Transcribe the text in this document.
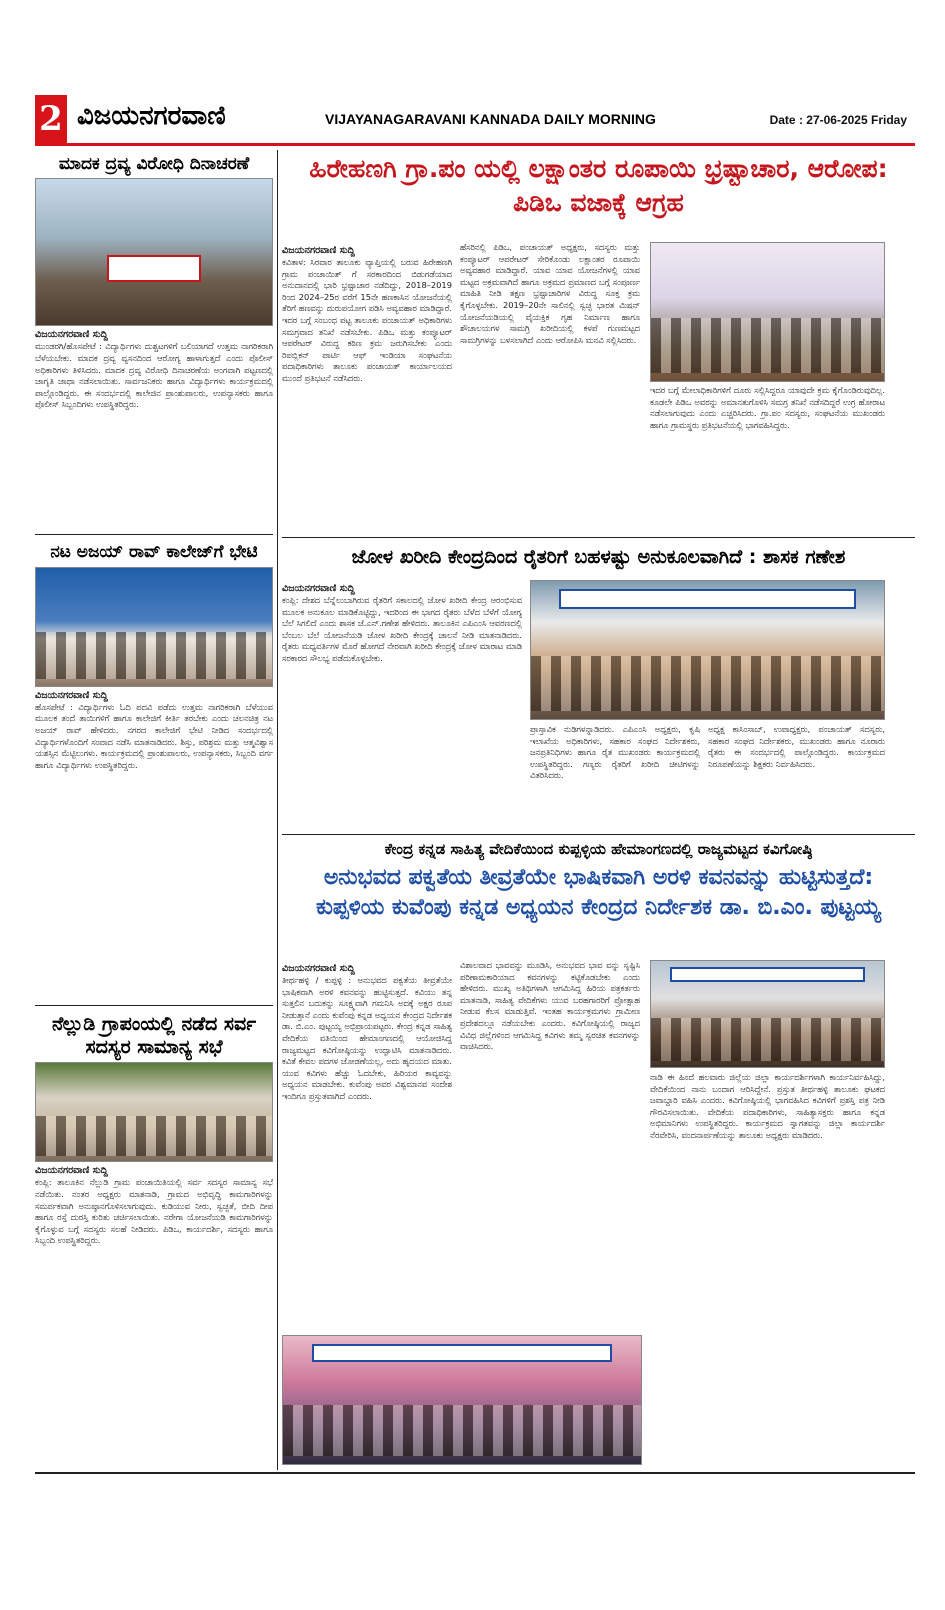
2 ವಿಜಯನಗರವಾಣಿ	VIJAYANAGARAVANI KANNADA DAILY MORNING	Date : 27-06-2025 Friday
ಮಾದಕ ದ್ರವ್ಯ ವಿರೋಧಿ ದಿನಾಚರಣೆ
ವಿಜಯನಗರವಾಣಿ ಸುದ್ದಿ

ಮುಂಡರಗಿ/ಹೊಸಪೇಟೆ : ವಿದ್ಯಾರ್ಥಿಗಳು ದುಶ್ಚಟಗಳಿಗೆ ಬಲಿಯಾಗದೆ ಉತ್ತಮ ನಾಗರಿಕರಾಗಿ ಬೆಳೆಯಬೇಕು. ಮಾದಕ ದ್ರವ್ಯ ವ್ಯಸನದಿಂದ ಆರೋಗ್ಯ ಹಾಳಾಗುತ್ತದೆ ಎಂದು ಪೊಲೀಸ್ ಅಧಿಕಾರಿಗಳು ತಿಳಿಸಿದರು. ಮಾದಕ ದ್ರವ್ಯ ವಿರೋಧಿ ದಿನಾಚರಣೆಯ ಅಂಗವಾಗಿ ಪಟ್ಟಣದಲ್ಲಿ ಜಾಗೃತಿ ಜಾಥಾ ನಡೆಸಲಾಯಿತು. ಸಾರ್ವಜನಿಕರು ಹಾಗೂ ವಿದ್ಯಾರ್ಥಿಗಳು ಕಾರ್ಯಕ್ರಮದಲ್ಲಿ ಪಾಲ್ಗೊಂಡಿದ್ದರು. ಈ ಸಂದರ್ಭದಲ್ಲಿ ಕಾಲೇಜಿನ ಪ್ರಾಂಶುಪಾಲರು, ಉಪನ್ಯಾಸಕರು ಹಾಗೂ ಪೊಲೀಸ್ ಸಿಬ್ಬಂದಿಗಳು ಉಪಸ್ಥಿತರಿದ್ದರು.

ನಟ ಅಜಯ್ ರಾವ್ ಕಾಲೇಜ್‌ಗೆ ಭೇಟಿ
ವಿಜಯನಗರವಾಣಿ ಸುದ್ದಿ

ಹೊಸಪೇಟೆ : ವಿದ್ಯಾರ್ಥಿಗಳು ಓದಿ ಪದವಿ ಪಡೆದು ಉತ್ತಮ ನಾಗರಿಕರಾಗಿ ಬೆಳೆಯುವ ಮೂಲಕ ತಂದೆ ತಾಯಿಗಳಿಗೆ ಹಾಗೂ ಕಾಲೇಜಿಗೆ ಕೀರ್ತಿ ತರಬೇಕು ಎಂದು ಚಲನಚಿತ್ರ ನಟ ಅಜಯ್ ರಾವ್ ಹೇಳಿದರು. ನಗರದ ಕಾಲೇಜಿಗೆ ಭೇಟಿ ನೀಡಿದ ಸಂದರ್ಭದಲ್ಲಿ ವಿದ್ಯಾರ್ಥಿಗಳೊಂದಿಗೆ ಸಂವಾದ ನಡೆಸಿ ಮಾತನಾಡಿದರು. ಶಿಸ್ತು, ಪರಿಶ್ರಮ ಮತ್ತು ಆತ್ಮವಿಶ್ವಾಸ ಯಶಸ್ಸಿನ ಮೆಟ್ಟಿಲುಗಳು. ಕಾರ್ಯಕ್ರಮದಲ್ಲಿ ಪ್ರಾಂಶುಪಾಲರು, ಉಪನ್ಯಾಸಕರು, ಸಿಬ್ಬಂದಿ ವರ್ಗ ಹಾಗೂ ವಿದ್ಯಾರ್ಥಿಗಳು ಉಪಸ್ಥಿತರಿದ್ದರು.

ನೆಲ್ಲುಡಿ ಗ್ರಾಪಂಯಲ್ಲಿ ನಡೆದ ಸರ್ವ ಸದಸ್ಯರ ಸಾಮಾನ್ಯ ಸಭೆ
ವಿಜಯನಗರವಾಣಿ ಸುದ್ದಿ

ಕಂಪ್ಲಿ: ತಾಲೂಕಿನ ನೆಲ್ಲುಡಿ ಗ್ರಾಮ ಪಂಚಾಯಿತಿಯಲ್ಲಿ ಸರ್ವ ಸದಸ್ಯರ ಸಾಮಾನ್ಯ ಸಭೆ ನಡೆಯಿತು. ನಂತರ ಅಧ್ಯಕ್ಷರು ಮಾತನಾಡಿ, ಗ್ರಾಮದ ಅಭಿವೃದ್ಧಿ ಕಾಮಗಾರಿಗಳನ್ನು ಸಮರ್ಪಕವಾಗಿ ಅನುಷ್ಠಾನಗೊಳಿಸಲಾಗುವುದು. ಕುಡಿಯುವ ನೀರು, ಸ್ವಚ್ಛತೆ, ಬೀದಿ ದೀಪ ಹಾಗೂ ರಸ್ತೆ ದುರಸ್ತಿ ಕುರಿತು ಚರ್ಚಿಸಲಾಯಿತು. ನರೇಗಾ ಯೋಜನೆಯಡಿ ಕಾಮಗಾರಿಗಳನ್ನು ಕೈಗೊಳ್ಳುವ ಬಗ್ಗೆ ಸದಸ್ಯರು ಸಲಹೆ ನೀಡಿದರು. ಪಿಡಿಒ, ಕಾರ್ಯದರ್ಶಿ, ಸದಸ್ಯರು ಹಾಗೂ ಸಿಬ್ಬಂದಿ ಉಪಸ್ಥಿತರಿದ್ದರು.

ಹಿರೇಹಣಗಿ ಗ್ರಾ.ಪಂ ಯಲ್ಲಿ ಲಕ್ಷಾಂತರ ರೂಪಾಯಿ ಭ್ರಷ್ಟಾಚಾರ, ಆರೋಪ: ಪಿಡಿಒ ವಜಾಕ್ಕೆ ಆಗ್ರಹ
ವಿಜಯನಗರವಾಣಿ ಸುದ್ದಿ
ಕವಿತಾಳ: ಸಿರವಾರ ತಾಲೂಕು ವ್ಯಾಪ್ತಿಯಲ್ಲಿ ಬರುವ ಹಿರೇಹಣಗಿ ಗ್ರಾಮ ಪಂಚಾಯಿತ್ ಗೆ ಸರಕಾರದಿಂದ ಬಿಡುಗಡೆಯಾದ ಅನುದಾನದಲ್ಲಿ ಭಾರಿ ಭ್ರಷ್ಟಾಚಾರ ನಡೆದಿದ್ದು, 2018–2019 ರಿಂದ 2024–25ರ ವರೆಗೆ 15ನೇ ಹಣಕಾಸಿನ ಯೋಜನೆಯಲ್ಲಿ ತೆರಿಗೆ ಹಣವನ್ನು ದುರುಪಯೋಗ ಪಡಿಸಿ ಅವ್ಯವಹಾರ ಮಾಡಿದ್ದಾರೆ. ಇದರ ಬಗ್ಗೆ ಸಂಬಂಧ ಪಟ್ಟ ತಾಲೂಕು ಪಂಚಾಯತ್ ಅಧಿಕಾರಿಗಳು ಸಮಗ್ರವಾದ ತನಿಖೆ ನಡೆಸಬೇಕು. ಪಿಡಿಒ ಮತ್ತು ಕಂಪ್ಯೂಟರ್ ಆಪರೇಟರ್ ವಿರುದ್ಧ ಕಠಿಣ ಕ್ರಮ ಜರುಗಿಸಬೇಕು ಎಂದು ರಿಪಬ್ಲಿಕನ್ ಪಾರ್ಟಿ ಆಫ್ ಇಂಡಿಯಾ ಸಂಘಟನೆಯ ಪದಾಧಿಕಾರಿಗಳು ತಾಲೂಕು ಪಂಚಾಯತ್ ಕಾರ್ಯಾಲಯದ ಮುಂದೆ ಪ್ರತಿಭಟನೆ ನಡೆಸಿದರು.
ಹೆಸರಿನಲ್ಲಿ ಪಿಡಿಒ, ಪಂಚಾಯತ್ ಅಧ್ಯಕ್ಷರು, ಸದಸ್ಯರು ಮತ್ತು ಕಂಪ್ಯೂಟರ್ ಆಪರೇಟರ್ ಸೇರಿಕೊಂಡು ಲಕ್ಷಾಂತರ ರೂಪಾಯಿ ಅವ್ಯವಹಾರ ಮಾಡಿದ್ದಾರೆ. ಯಾವ ಯಾವ ಯೋಜನೆಗಳಲ್ಲಿ ಯಾವ ಮಟ್ಟದ ಅಕ್ರಮವಾಗಿದೆ ಹಾಗೂ ಅಕ್ರಮದ ಪ್ರಮಾಣದ ಬಗ್ಗೆ ಸಂಪೂರ್ಣ ಮಾಹಿತಿ ನೀಡಿ ತಕ್ಷಣ ಭ್ರಷ್ಟಾಚಾರಿಗಳ ವಿರುದ್ಧ ಸೂಕ್ತ ಕ್ರಮ ಕೈಗೊಳ್ಳಬೇಕು. 2019–20ನೇ ಸಾಲಿನಲ್ಲಿ ಸ್ವಚ್ಛ ಭಾರತ ಮಿಷನ್ ಯೋಜನೆಯಡಿಯಲ್ಲಿ ವೈಯಕ್ತಿಕ ಗೃಹ ನಿರ್ಮಾಣ ಹಾಗೂ ಶೌಚಾಲಯಗಳ ಸಾಮಗ್ರಿ ಖರೀದಿಯಲ್ಲಿ ಕಳಪೆ ಗುಣಮಟ್ಟದ ಸಾಮಗ್ರಿಗಳನ್ನು ಬಳಸಲಾಗಿದೆ ಎಂದು ಆರೋಪಿಸಿ ಮನವಿ ಸಲ್ಲಿಸಿದರು.
ಇದರ ಬಗ್ಗೆ ಮೇಲಾಧಿಕಾರಿಗಳಿಗೆ ದೂರು ಸಲ್ಲಿಸಿದ್ದರೂ ಯಾವುದೇ ಕ್ರಮ ಕೈಗೊಂಡಿರುವುದಿಲ್ಲ. ಕೂಡಲೇ ಪಿಡಿಒ ಅವರನ್ನು ಅಮಾನತುಗೊಳಿಸಿ ಸಮಗ್ರ ತನಿಖೆ ನಡೆಸದಿದ್ದರೆ ಉಗ್ರ ಹೋರಾಟ ನಡೆಸಲಾಗುವುದು ಎಂದು ಎಚ್ಚರಿಸಿದರು. ಗ್ರಾ.ಪಂ ಸದಸ್ಯರು, ಸಂಘಟನೆಯ ಮುಖಂಡರು ಹಾಗೂ ಗ್ರಾಮಸ್ಥರು ಪ್ರತಿಭಟನೆಯಲ್ಲಿ ಭಾಗವಹಿಸಿದ್ದರು.
ಜೋಳ ಖರೀದಿ ಕೇಂದ್ರದಿಂದ ರೈತರಿಗೆ ಬಹಳಷ್ಟು ಅನುಕೂಲವಾಗಿದೆ : ಶಾಸಕ ಗಣೇಶ
ವಿಜಯನಗರವಾಣಿ ಸುದ್ದಿ
ಕಂಪ್ಲಿ: ದೇಶದ ಬೆನ್ನೆಲುಬಾಗಿರುವ ರೈತರಿಗೆ ಸಕಾಲದಲ್ಲಿ ಜೋಳ ಖರೀದಿ ಕೇಂದ್ರ ಆರಂಭಿಸುವ ಮೂಲಕ ಅನುಕೂಲ ಮಾಡಿಕೊಟ್ಟಿದ್ದು, ಇದರಿಂದ ಈ ಭಾಗದ ರೈತರು ಬೆಳೆದ ಬೆಳೆಗೆ ಯೋಗ್ಯ ಬೆಲೆ ಸಿಗಲಿದೆ ಎಂದು ಶಾಸಕ ಜೆ.ಎನ್.ಗಣೇಶ ಹೇಳಿದರು. ತಾಲೂಕಿನ ಎಪಿಎಂಸಿ ಆವರಣದಲ್ಲಿ ಬೆಂಬಲ ಬೆಲೆ ಯೋಜನೆಯಡಿ ಜೋಳ ಖರೀದಿ ಕೇಂದ್ರಕ್ಕೆ ಚಾಲನೆ ನೀಡಿ ಮಾತನಾಡಿದರು. ರೈತರು ಮಧ್ಯವರ್ತಿಗಳ ಮೊರೆ ಹೋಗದೆ ನೇರವಾಗಿ ಖರೀದಿ ಕೇಂದ್ರಕ್ಕೆ ಜೋಳ ಮಾರಾಟ ಮಾಡಿ ಸರಕಾರದ ಸೌಲಭ್ಯ ಪಡೆದುಕೊಳ್ಳಬೇಕು.
ಪ್ರಾಸ್ತಾವಿಕ ನುಡಿಗಳನ್ನಾಡಿದರು. ಎಪಿಎಂಸಿ ಅಧ್ಯಕ್ಷರು, ಕೃಷಿ ಇಲಾಖೆಯ ಅಧಿಕಾರಿಗಳು, ಸಹಕಾರ ಸಂಘದ ನಿರ್ದೇಶಕರು, ಜನಪ್ರತಿನಿಧಿಗಳು ಹಾಗೂ ರೈತ ಮುಖಂಡರು ಕಾರ್ಯಕ್ರಮದಲ್ಲಿ ಉಪಸ್ಥಿತರಿದ್ದರು. ಗಣ್ಯರು ರೈತರಿಗೆ ಖರೀದಿ ಚೀಟಿಗಳನ್ನು ವಿತರಿಸಿದರು.
ಅಧ್ಯಕ್ಷ ಕಾಸಿಂಸಾಬ್, ಉಪಾಧ್ಯಕ್ಷರು, ಪಂಚಾಯತ್ ಸದಸ್ಯರು, ಸಹಕಾರ ಸಂಘದ ನಿರ್ದೇಶಕರು, ಮುಖಂಡರು ಹಾಗೂ ನೂರಾರು ರೈತರು ಈ ಸಂದರ್ಭದಲ್ಲಿ ಪಾಲ್ಗೊಂಡಿದ್ದರು. ಕಾರ್ಯಕ್ರಮದ ನಿರೂಪಣೆಯನ್ನು ಶಿಕ್ಷಕರು ನಿರ್ವಹಿಸಿದರು.
ಕೇಂದ್ರ ಕನ್ನಡ ಸಾಹಿತ್ಯ ವೇದಿಕೆಯಿಂದ ಕುಪ್ಪಳ್ಳಿಯ ಹೇಮಾಂಗಣದಲ್ಲಿ ರಾಜ್ಯಮಟ್ಟದ ಕವಿಗೋಷ್ಠಿ
ಅನುಭವದ ಪಕ್ವತೆಯ ತೀವ್ರತೆಯೇ ಭಾಷಿಕವಾಗಿ ಅರಳಿ ಕವನವನ್ನು ಹುಟ್ಟಿಸುತ್ತದೆ: ಕುಪ್ಪಳಿಯ ಕುವೆಂಪು ಕನ್ನಡ ಅಧ್ಯಯನ ಕೇಂದ್ರದ ನಿರ್ದೇಶಕ ಡಾ. ಬಿ.ಎಂ. ಪುಟ್ಟಯ್ಯ
ವಿಜಯನಗರವಾಣಿ ಸುದ್ದಿ
ತೀರ್ಥಹಳ್ಳಿ / ಕುಪ್ಪಳ್ಳಿ : ಅನುಭವದ ಪಕ್ವತೆಯ ತೀವ್ರತೆಯೇ ಭಾಷಿಕವಾಗಿ ಅರಳಿ ಕವನವನ್ನು ಹುಟ್ಟಿಸುತ್ತದೆ. ಕವಿಯು ತನ್ನ ಸುತ್ತಲಿನ ಬದುಕನ್ನು ಸೂಕ್ಷ್ಮವಾಗಿ ಗಮನಿಸಿ ಅದಕ್ಕೆ ಅಕ್ಷರ ರೂಪ ನೀಡುತ್ತಾನೆ ಎಂದು ಕುವೆಂಪು ಕನ್ನಡ ಅಧ್ಯಯನ ಕೇಂದ್ರದ ನಿರ್ದೇಶಕ ಡಾ. ಬಿ.ಎಂ. ಪುಟ್ಟಯ್ಯ ಅಭಿಪ್ರಾಯಪಟ್ಟರು. ಕೇಂದ್ರ ಕನ್ನಡ ಸಾಹಿತ್ಯ ವೇದಿಕೆಯ ವತಿಯಿಂದ ಹೇಮಾಂಗಣದಲ್ಲಿ ಆಯೋಜಿಸಿದ್ದ ರಾಜ್ಯಮಟ್ಟದ ಕವಿಗೋಷ್ಠಿಯನ್ನು ಉದ್ಘಾಟಿಸಿ ಮಾತನಾಡಿದರು. ಕವಿತೆ ಕೇವಲ ಪದಗಳ ಜೋಡಣೆಯಲ್ಲ, ಅದು ಹೃದಯದ ಮಾತು. ಯುವ ಕವಿಗಳು ಹೆಚ್ಚು ಓದಬೇಕು, ಹಿರಿಯರ ಕಾವ್ಯವನ್ನು ಅಧ್ಯಯನ ಮಾಡಬೇಕು. ಕುವೆಂಪು ಅವರ ವಿಶ್ವಮಾನವ ಸಂದೇಶ ಇಂದಿಗೂ ಪ್ರಸ್ತುತವಾಗಿದೆ ಎಂದರು.
ವಿಶಾಲವಾದ ಭಾವವನ್ನು ಮೂಡಿಸಿ, ಅನುಭವದ ಭಾವ ವನ್ನು ಸೃಷ್ಟಿಸಿ ಪರಿಣಾಮಕಾರಿಯಾದ ಕವನಗಳನ್ನು ಕಟ್ಟಿಕೊಡಬೇಕು ಎಂದು ಹೇಳಿದರು. ಮುಖ್ಯ ಅತಿಥಿಗಳಾಗಿ ಆಗಮಿಸಿದ್ದ ಹಿರಿಯ ಪತ್ರಕರ್ತರು ಮಾತನಾಡಿ, ಸಾಹಿತ್ಯ ವೇದಿಕೆಗಳು ಯುವ ಬರಹಗಾರರಿಗೆ ಪ್ರೋತ್ಸಾಹ ನೀಡುವ ಕೆಲಸ ಮಾಡುತ್ತಿವೆ. ಇಂತಹ ಕಾರ್ಯಕ್ರಮಗಳು ಗ್ರಾಮೀಣ ಪ್ರದೇಶದಲ್ಲೂ ನಡೆಯಬೇಕು ಎಂದರು. ಕವಿಗೋಷ್ಠಿಯಲ್ಲಿ ರಾಜ್ಯದ ವಿವಿಧ ಜಿಲ್ಲೆಗಳಿಂದ ಆಗಮಿಸಿದ್ದ ಕವಿಗಳು ತಮ್ಮ ಸ್ವರಚಿತ ಕವನಗಳನ್ನು ವಾಚಿಸಿದರು.
ನಾಡಿ ಈ ಹಿಂದೆ ಹಲವಾರು ಜಿಲ್ಲೆಯ ಜಿಲ್ಲಾ ಕಾರ್ಯದರ್ಶಿಗಳಾಗಿ ಕಾರ್ಯನಿರ್ವಹಿಸಿದ್ದು, ವೇದಿಕೆಯಿಂದ ನಾನು ಬಂದಾಗ ಆರಿಸಿದ್ದೇನೆ. ಪ್ರಸ್ತುತ ತೀರ್ಥಹಳ್ಳಿ ತಾಲೂಕು ಘಟಕದ ಜವಾಬ್ದಾರಿ ವಹಿಸಿ ಎಂದರು. ಕವಿಗೋಷ್ಠಿಯಲ್ಲಿ ಭಾಗವಹಿಸಿದ ಕವಿಗಳಿಗೆ ಪ್ರಶಸ್ತಿ ಪತ್ರ ನೀಡಿ ಗೌರವಿಸಲಾಯಿತು. ವೇದಿಕೆಯ ಪದಾಧಿಕಾರಿಗಳು, ಸಾಹಿತ್ಯಾಸಕ್ತರು ಹಾಗೂ ಕನ್ನಡ ಅಭಿಮಾನಿಗಳು ಉಪಸ್ಥಿತರಿದ್ದರು. ಕಾರ್ಯಕ್ರಮದ ಸ್ವಾಗತವನ್ನು ಜಿಲ್ಲಾ ಕಾರ್ಯದರ್ಶಿ ನೆರವೇರಿಸಿ, ವಂದನಾರ್ಪಣೆಯನ್ನು ತಾಲೂಕು ಅಧ್ಯಕ್ಷರು ಮಾಡಿದರು.
